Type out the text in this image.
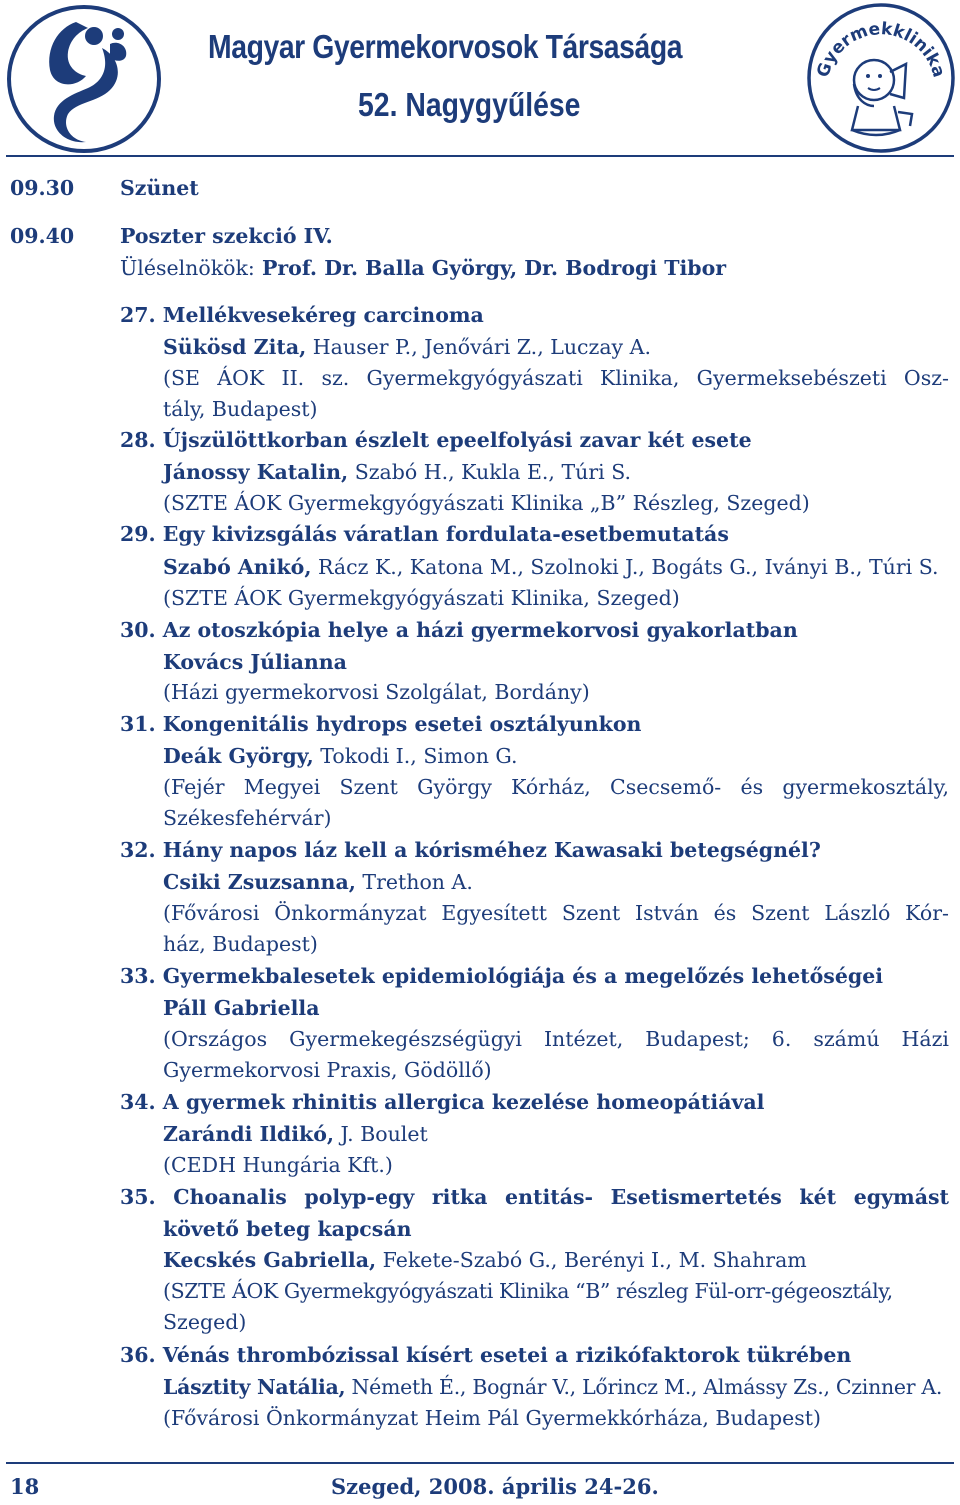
Magyar Gyermekorvosok Társasága
52. Nagygyűlése
Gyermekklinika
09.30 Szünet
09.40 Poszter szekció IV.
Üléselnökök: Prof. Dr. Balla György, Dr. Bodrogi Tibor
27. Mellékvesekéreg carcinoma
Sükösd Zita, Hauser P., Jenővári Z., Luczay A.
(SE ÁOK II. sz. Gyermekgyógyászati Klinika, Gyermeksebészeti Osz-
tály, Budapest)
28. Újszülöttkorban észlelt epeelfolyási zavar két esete
Jánossy Katalin, Szabó H., Kukla E., Túri S.
(SZTE ÁOK Gyermekgyógyászati Klinika „B” Részleg, Szeged)
29. Egy kivizsgálás váratlan fordulata-esetbemutatás
Szabó Anikó, Rácz K., Katona M., Szolnoki J., Bogáts G., Iványi B., Túri S.
(SZTE ÁOK Gyermekgyógyászati Klinika, Szeged)
30. Az otoszkópia helye a házi gyermekorvosi gyakorlatban
Kovács Júlianna
(Házi gyermekorvosi Szolgálat, Bordány)
31. Kongenitális hydrops esetei osztályunkon
Deák György, Tokodi I., Simon G.
(Fejér Megyei Szent György Kórház, Csecsemő- és gyermekosztály,
Székesfehérvár)
32. Hány napos láz kell a kórisméhez Kawasaki betegségnél?
Csiki Zsuzsanna, Trethon A.
(Fővárosi Önkormányzat Egyesített Szent István és Szent László Kór-
ház, Budapest)
33. Gyermekbalesetek epidemiológiája és a megelőzés lehetőségei
Páll Gabriella
(Országos Gyermekegészségügyi Intézet, Budapest; 6. számú Házi
Gyermekorvosi Praxis, Gödöllő)
34. A gyermek rhinitis allergica kezelése homeopátiával
Zarándi Ildikó, J. Boulet
(CEDH Hungária Kft.)
35. Choanalis polyp-egy ritka entitás- Esetismertetés két egymást
követő beteg kapcsán
Kecskés Gabriella, Fekete-Szabó G., Berényi I., M. Shahram
(SZTE ÁOK Gyermekgyógyászati Klinika “B” részleg Fül-orr-gégeosztály,
Szeged)
36. Vénás thrombózissal kísért esetei a rizikófaktorok tükrében
Lásztity Natália, Németh É., Bognár V., Lőrincz M., Almássy Zs., Czinner A.
(Fővárosi Önkormányzat Heim Pál Gyermekkórháza, Budapest)
18	Szeged, 2008. április 24-26.
